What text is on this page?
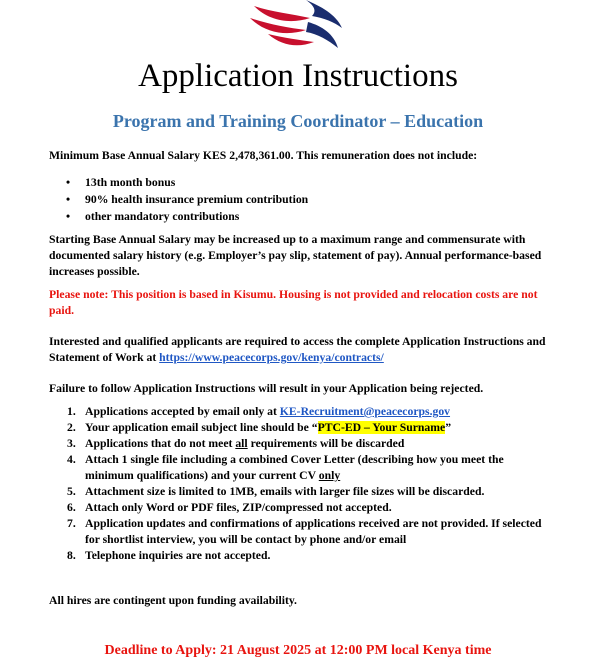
Application Instructions
Program and Training Coordinator – Education
Minimum Base Annual Salary KES 2,478,361.00. This remuneration does not include:
• 13th month bonus
• 90% health insurance premium contribution
• other mandatory contributions
Starting Base Annual Salary may be increased up to a maximum range and commensurate with documented salary history (e.g. Employer’s pay slip, statement of pay). Annual performance-based increases possible.
Please note: This position is based in Kisumu. Housing is not provided and relocation costs are not paid.
Interested and qualified applicants are required to access the complete Application Instructions and Statement of Work at https://www.peacecorps.gov/kenya/contracts/
Failure to follow Application Instructions will result in your Application being rejected.
1. Applications accepted by email only at KE-Recruitment@peacecorps.gov
2. Your application email subject line should be “PTC-ED – Your Surname”
3. Applications that do not meet all requirements will be discarded
4. Attach 1 single file including a combined Cover Letter (describing how you meet the minimum qualifications) and your current CV only
5. Attachment size is limited to 1MB, emails with larger file sizes will be discarded.
6. Attach only Word or PDF files, ZIP/compressed not accepted.
7. Application updates and confirmations of applications received are not provided. If selected for shortlist interview, you will be contact by phone and/or email
8. Telephone inquiries are not accepted.
All hires are contingent upon funding availability.
Deadline to Apply: 21 August 2025 at 12:00 PM local Kenya time
